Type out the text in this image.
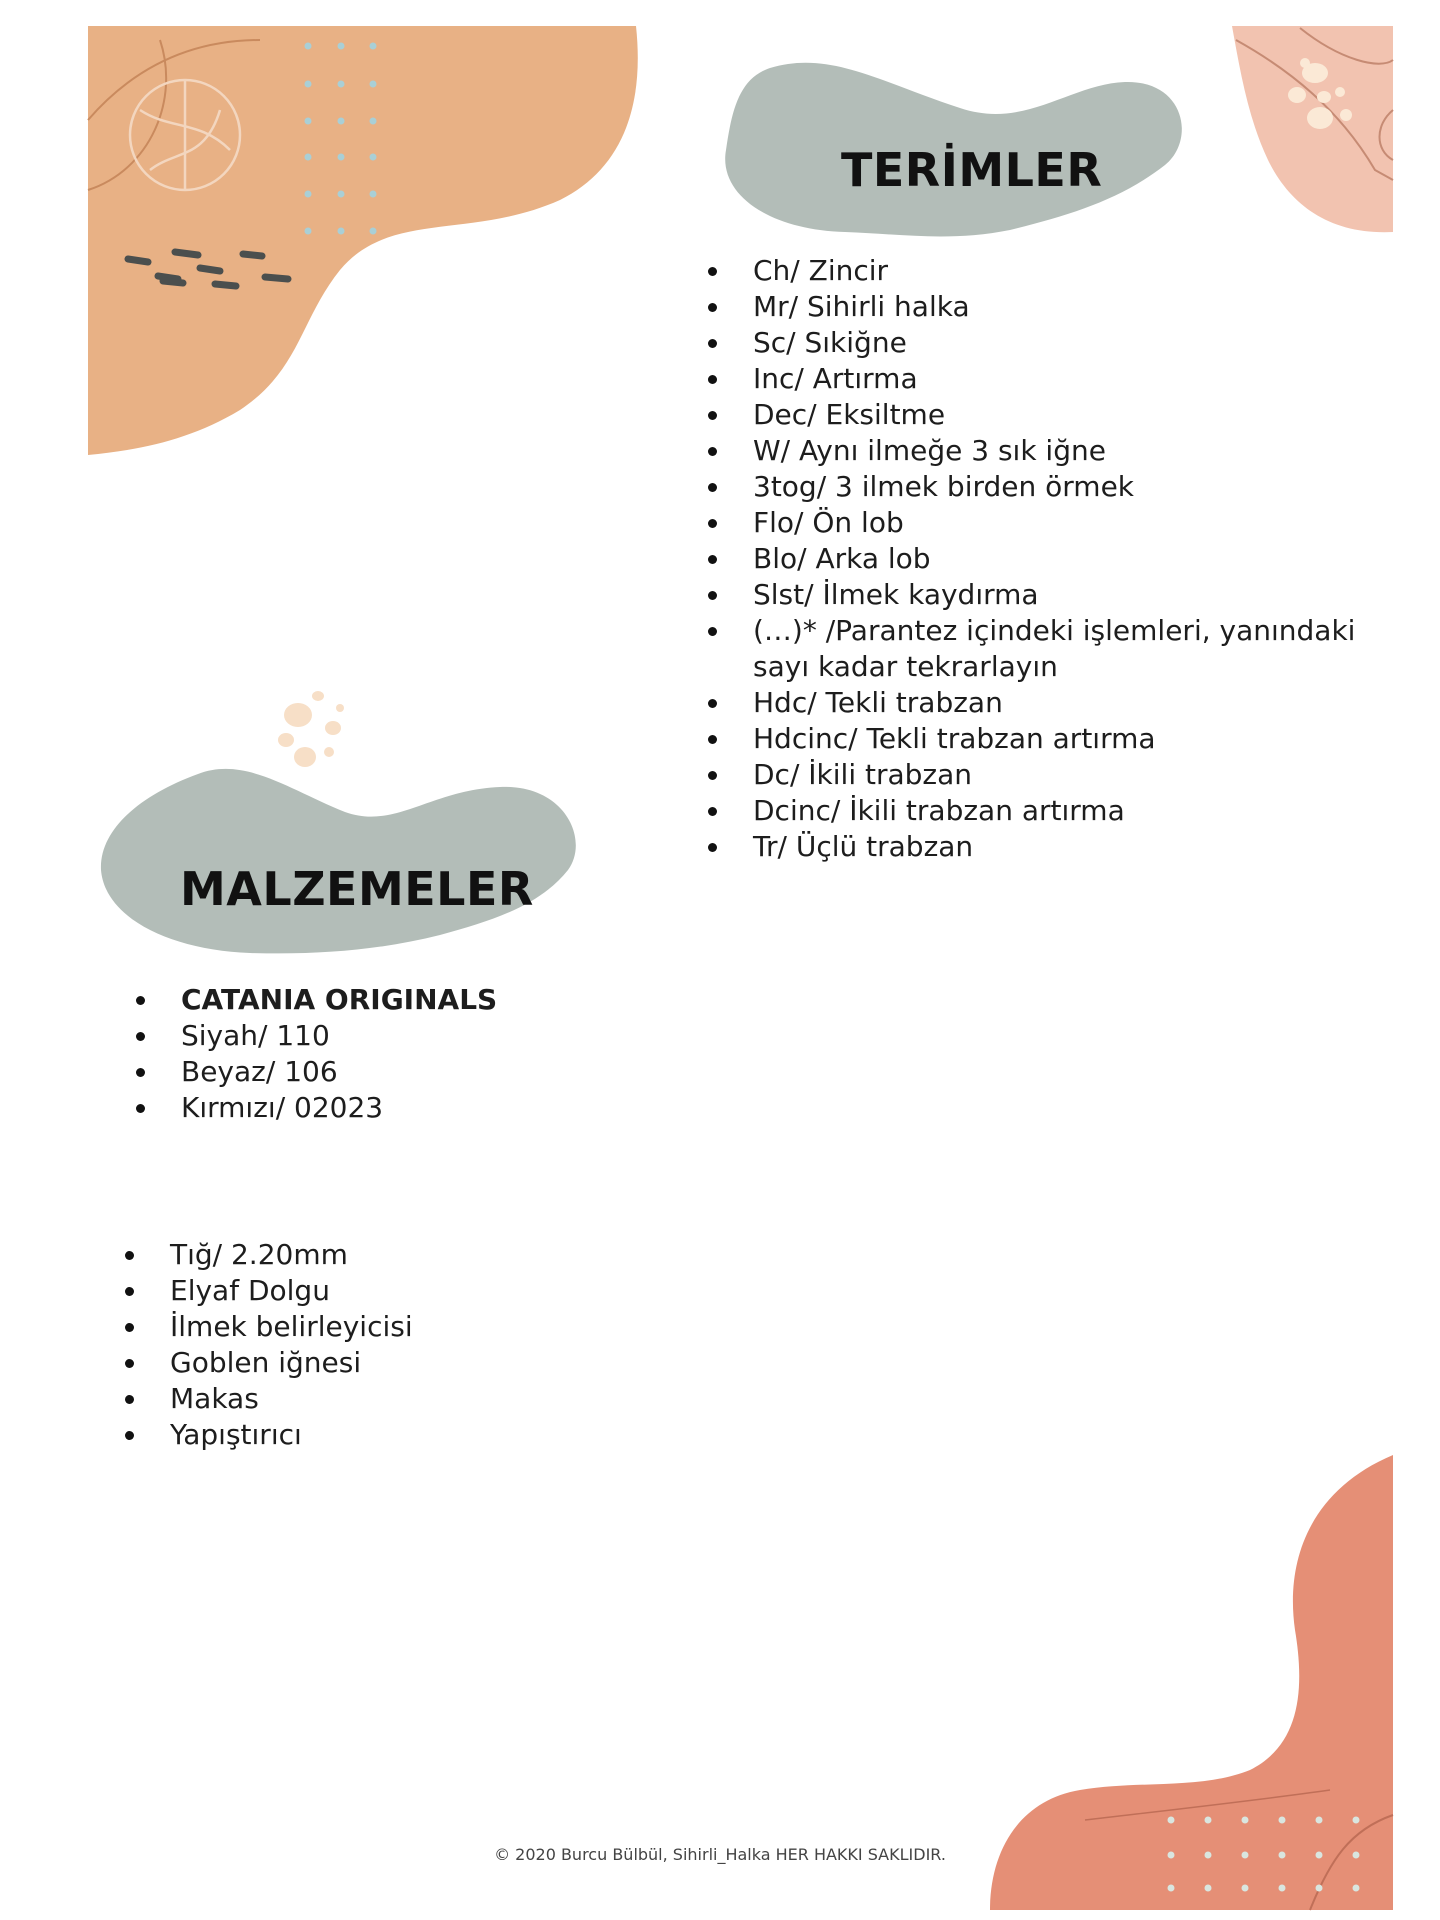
TERİMLER
Ch/ Zincir
Mr/ Sihirli halka
Sc/ Sıkiğne
Inc/ Artırma
Dec/ Eksiltme
W/ Aynı ilmeğe 3 sık iğne
3tog/ 3 ilmek birden örmek
Flo/ Ön lob
Blo/ Arka lob
Slst/ İlmek kaydırma
(…)* /Parantez içindeki işlemleri, yanındaki sayı kadar tekrarlayın
Hdc/ Tekli trabzan
Hdcinc/ Tekli trabzan artırma
Dc/ İkili trabzan
Dcinc/ İkili trabzan artırma
Tr/ Üçlü trabzan
MALZEMELER
CATANIA ORIGINALS
Siyah/ 110
Beyaz/ 106
Kırmızı/ 02023
Tığ/ 2.20mm
Elyaf Dolgu
İlmek belirleyicisi
Goblen iğnesi
Makas
Yapıştırıcı
© 2020 Burcu Bülbül, Sihirli_Halka HER HAKKI SAKLIDIR.
